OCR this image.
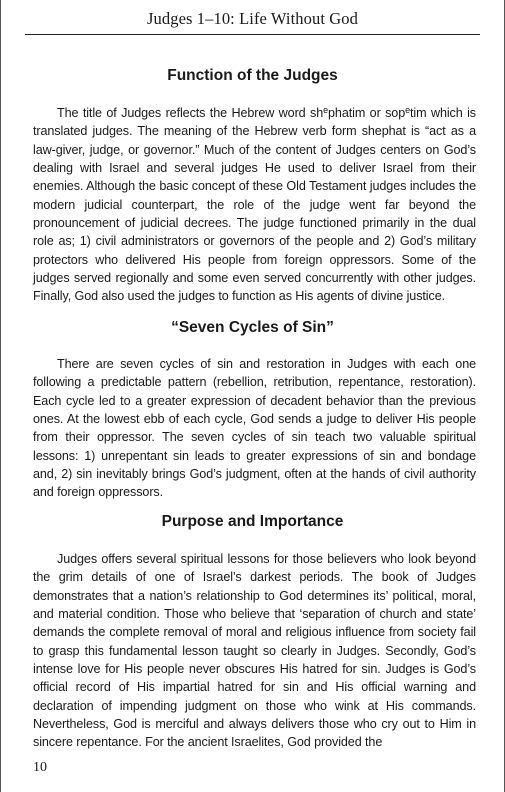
Judges 1–10: Life Without God
Function of the Judges

The title of Judges reflects the Hebrew word $sh^ephatim$ or sop$^e$tim which is translated judges. The meaning of the Hebrew verb form shephat is “act as a law-giver, judge, or governor.” Much of the content of Judges centers on God’s dealing with Israel and several judges He used to deliver Israel from their enemies. Although the basic concept of these Old Testament judges includes the modern judicial counterpart, the role of the judge went far beyond the pronouncement of judicial decrees. The judge functioned primarily in the dual role as; 1) civil administrators or governors of the people and 2) God’s military protectors who delivered His people from foreign oppressors. Some of the judges served regionally and some even served concurrently with other judges. Finally, God also used the judges to function as His agents of divine justice.

“Seven Cycles of Sin”

There are seven cycles of sin and restoration in Judges with each one following a predictable pattern (rebellion, retribution, repentance, restoration). Each cycle led to a greater expression of decadent behavior than the previous ones. At the lowest ebb of each cycle, God sends a judge to deliver His people from their oppressor. The seven cycles of sin teach two valuable spiritual lessons: 1) unrepentant sin leads to greater expressions of sin and bondage and, 2) sin inevitably brings God’s judgment, often at the hands of civil authority and foreign oppressors.

Purpose and Importance

Judges offers several spiritual lessons for those believers who look beyond the grim details of one of Israel’s darkest periods. The book of Judges demonstrates that a nation’s relationship to God determines its’ political, moral, and material condition. Those who believe that ‘separation of church and state’ demands the complete removal of moral and religious influence from society fail to grasp this fundamental lesson taught so clearly in Judges. Secondly, God’s intense love for His people never obscures His hatred for sin. Judges is God’s official record of His impartial hatred for sin and His official warning and declaration of impending judgment on those who wink at His commands. Nevertheless, God is merciful and always delivers those who cry out to Him in sincere repentance. For the ancient Israelites, God provided the

10
